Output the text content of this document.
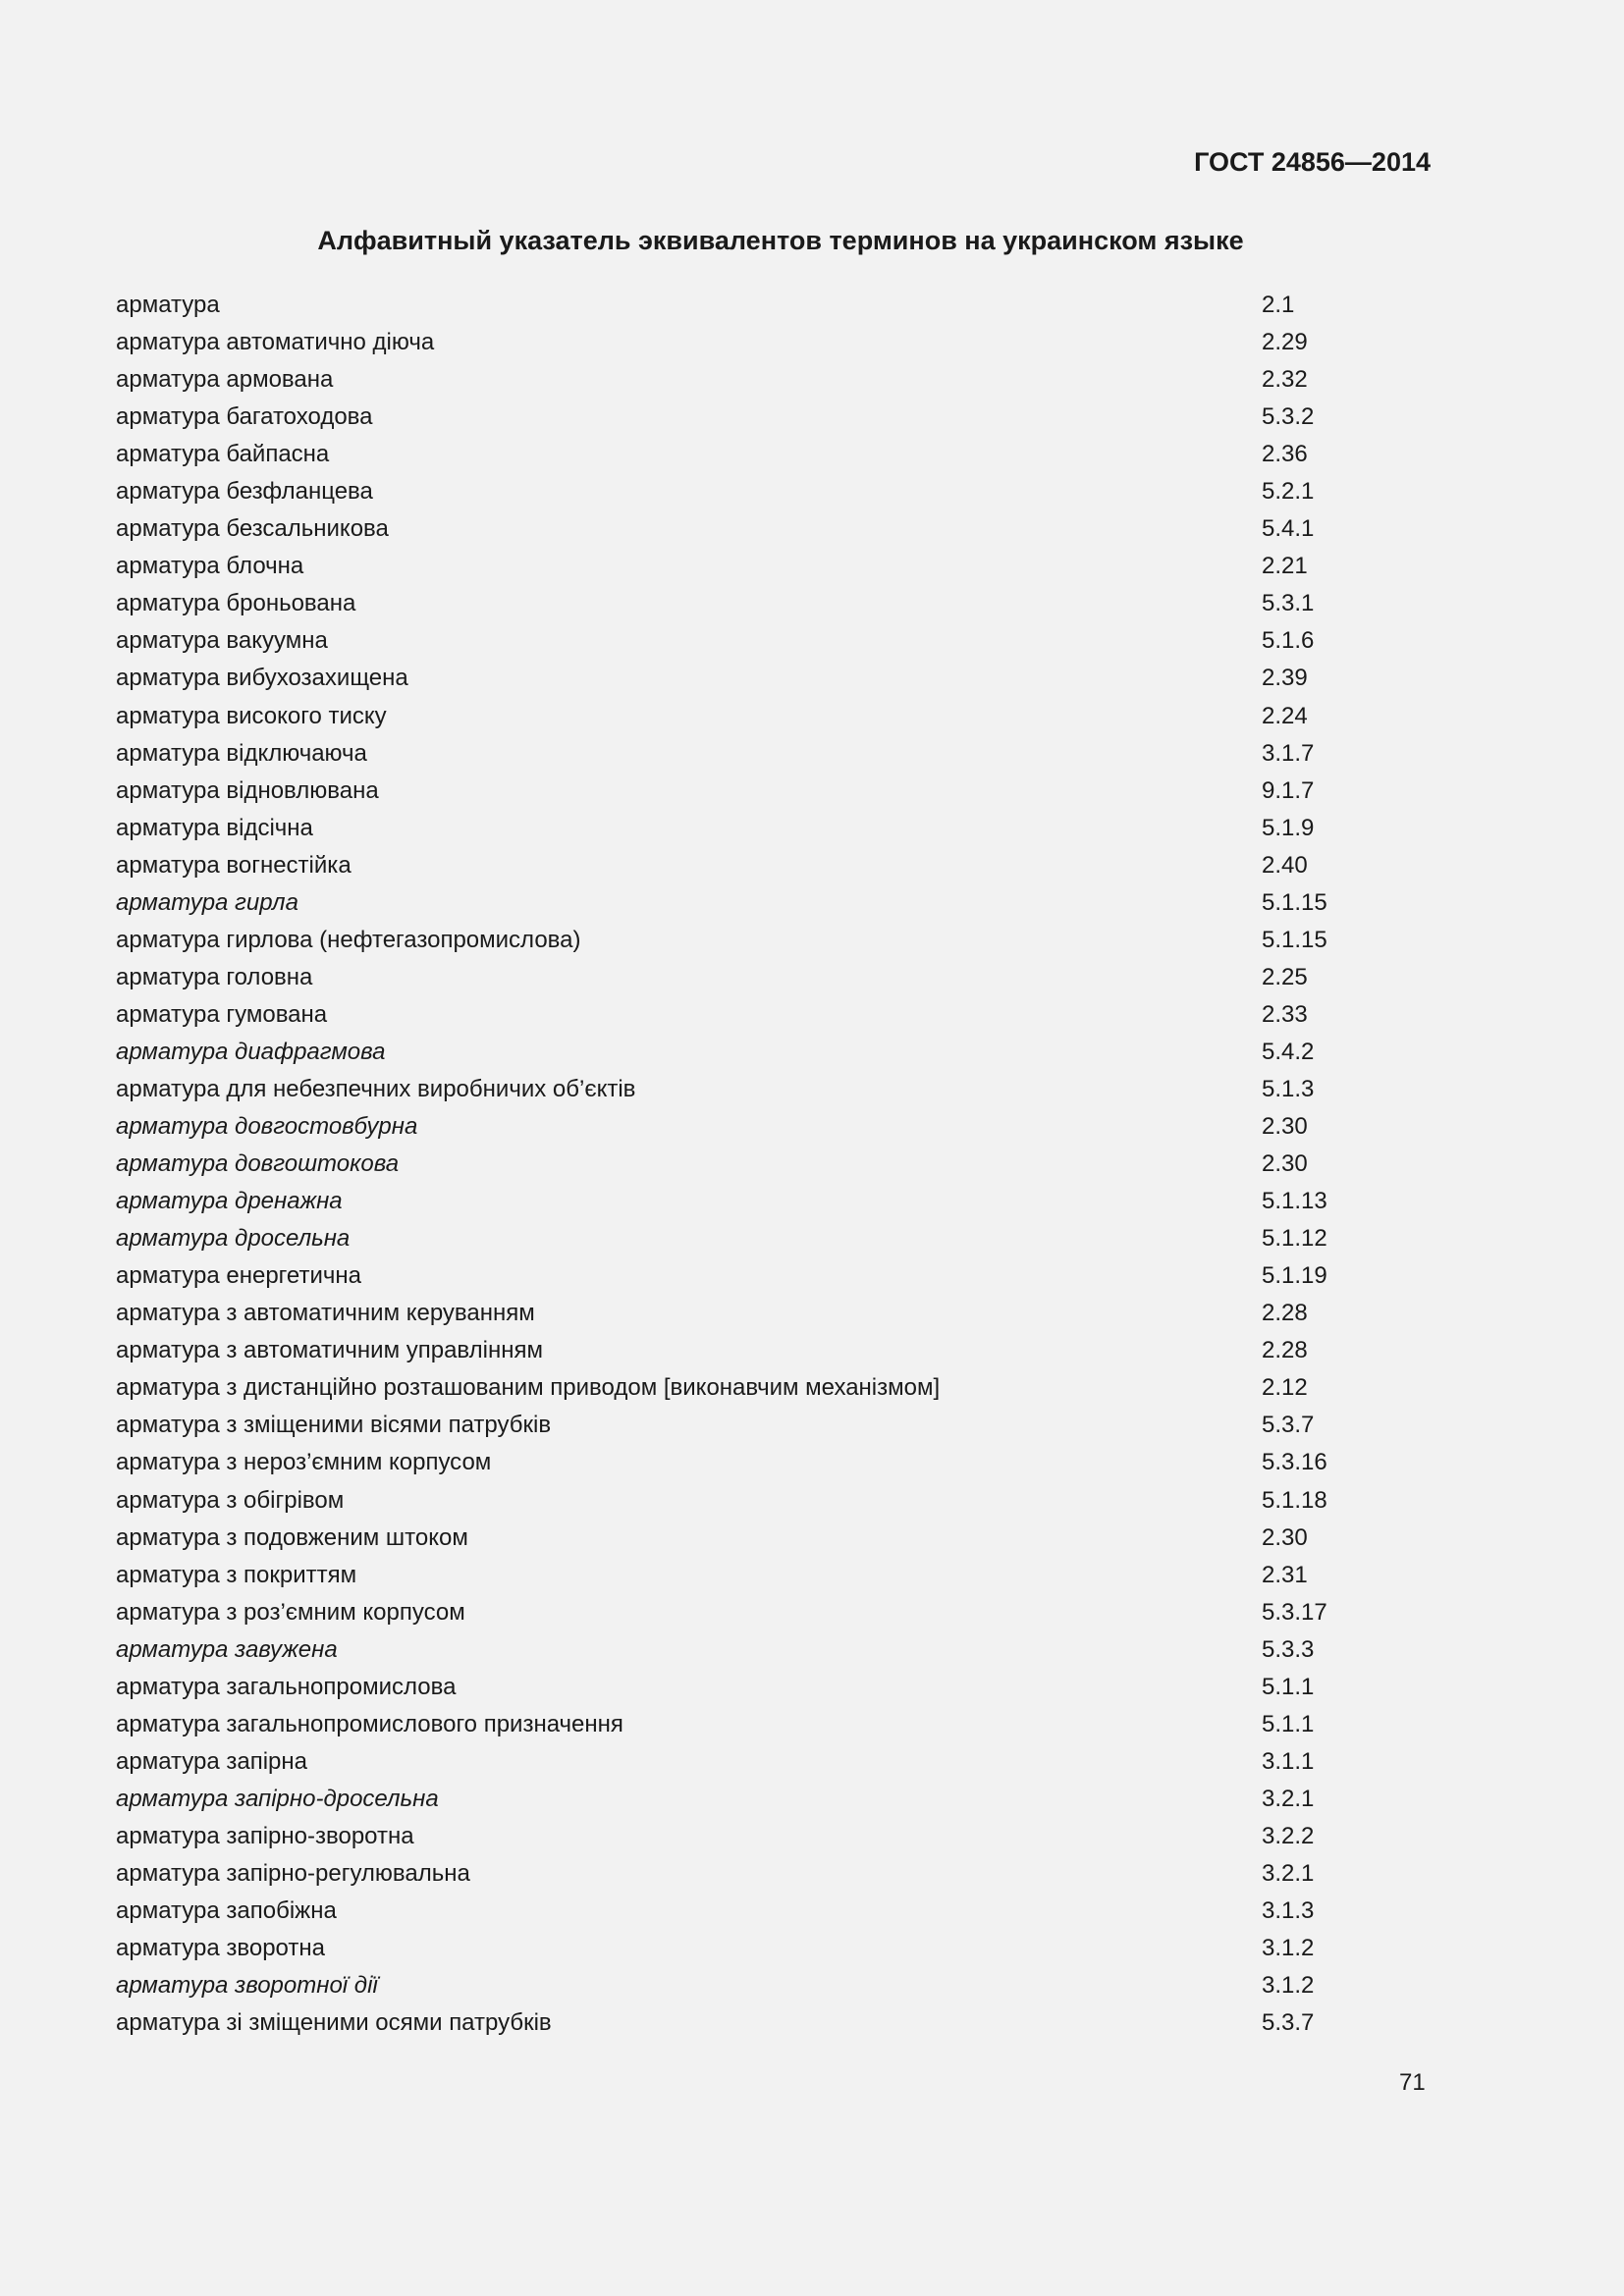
ГОСТ 24856—2014
Алфавитный указатель эквивалентов терминов на украинском языке
арматура	2.1
арматура автоматично діюча	2.29
арматура армована	2.32
арматура багатоходова	5.3.2
арматура байпасна	2.36
арматура безфланцева	5.2.1
арматура безсальникова	5.4.1
арматура блочна	2.21
арматура броньована	5.3.1
арматура вакуумна	5.1.6
арматура вибухозахищена	2.39
арматура високого тиску	2.24
арматура відключаюча	3.1.7
арматура відновлювана	9.1.7
арматура відсічна	5.1.9
арматура вогнестійка	2.40
арматура гирла	5.1.15
арматура гирлова (нефтегазопромислова)	5.1.15
арматура головна	2.25
арматура гумована	2.33
арматура диафрагмова	5.4.2
арматура для небезпечних виробничих об’єктів	5.1.3
арматура довгостовбурна	2.30
арматура довгоштокова	2.30
арматура дренажна	5.1.13
арматура дросельна	5.1.12
арматура енергетична	5.1.19
арматура з автоматичним керуванням	2.28
арматура з автоматичним управлінням	2.28
арматура з дистанційно розташованим приводом [виконавчим механізмом]	2.12
арматура з зміщеними вісями патрубків	5.3.7
арматура з нероз’ємним корпусом	5.3.16
арматура з обігрівом	5.1.18
арматура з подовженим штоком	2.30
арматура з покриттям	2.31
арматура з роз’ємним корпусом	5.3.17
арматура завужена	5.3.3
арматура загальнопромислова	5.1.1
арматура загальнопромислового призначення	5.1.1
арматура запірна	3.1.1
арматура запірно-дросельна	3.2.1
арматура запірно-зворотна	3.2.2
арматура запірно-регулювальна	3.2.1
арматура запобіжна	3.1.3
арматура зворотна	3.1.2
арматура зворотної дії	3.1.2
арматура зі зміщеними осями патрубків	5.3.7
71
